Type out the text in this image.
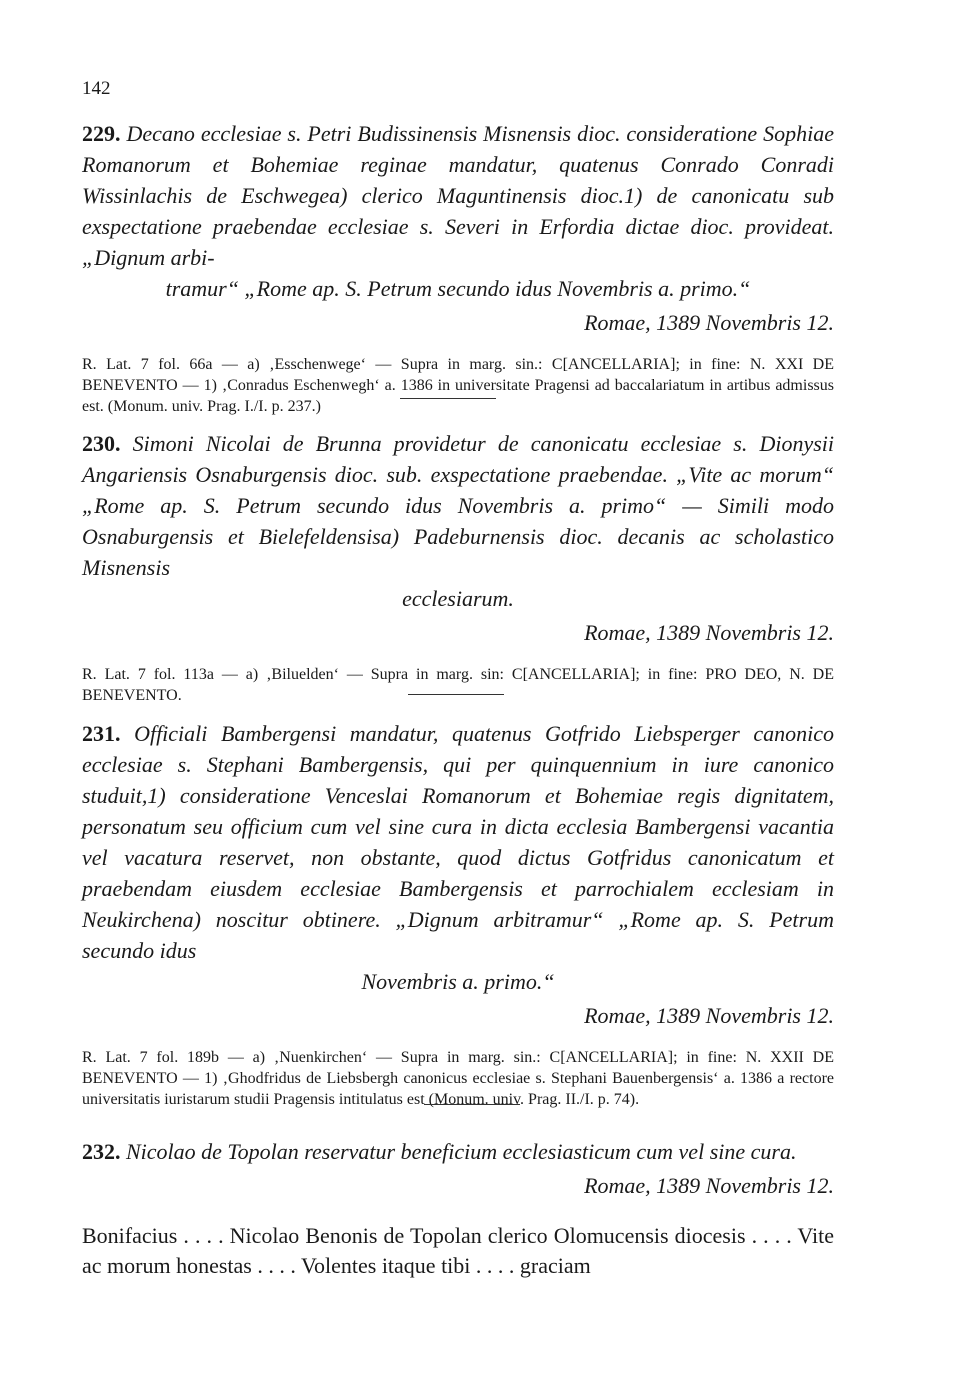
142
229. Decano ecclesiae s. Petri Budissinensis Misnensis dioc. consideratione Sophiae Romanorum et Bohemiae reginae mandatur, quatenus Conrado Conradi Wissinlachis de Eschwegea) clerico Maguntinensis dioc.1) de canonicatu sub exspectatione praebendae ecclesiae s. Severi in Erfordia dictae dioc. provideat. „Dignum arbi-
tramur“ „Rome ap. S. Petrum secundo idus Novembris a. primo.“
Romae, 1389 Novembris 12.
R. Lat. 7 fol. 66a — a) ‚Esschenwege‘ — Supra in marg. sin.: C[ANCELLARIA]; in fine: N. XXI DE BENEVENTO — 1) ‚Conradus Eschenwegh‘ a. 1386 in universitate Pragensi ad baccalariatum in artibus admissus est. (Monum. univ. Prag. I./I. p. 237.)
230. Simoni Nicolai de Brunna providetur de canonicatu ecclesiae s. Dionysii Angariensis Osnaburgensis dioc. sub. exspectatione praebendae. „Vite ac morum“ „Rome ap. S. Petrum secundo idus Novembris a. primo“ — Simili modo Osnaburgensis et Bielefeldensisa) Padeburnensis dioc. decanis ac scholastico Misnensis
ecclesiarum.
Romae, 1389 Novembris 12.
R. Lat. 7 fol. 113a — a) ‚Biluelden‘ — Supra in marg. sin: C[ANCELLARIA]; in fine: PRO DEO, N. DE BENEVENTO.
231. Officiali Bambergensi mandatur, quatenus Gotfrido Liebsperger canonico ecclesiae s. Stephani Bambergensis, qui per quinquennium in iure canonico studuit,1) consideratione Venceslai Romanorum et Bohemiae regis dignitatem, personatum seu officium cum vel sine cura in dicta ecclesia Bambergensi vacantia vel vacatura reservet, non obstante, quod dictus Gotfridus canonicatum et praebendam eiusdem ecclesiae Bambergensis et parrochialem ecclesiam in Neukirchena) noscitur obtinere. „Dignum arbitramur“ „Rome ap. S. Petrum secundo idus
Novembris a. primo.“
Romae, 1389 Novembris 12.
R. Lat. 7 fol. 189b — a) ‚Nuenkirchen‘ — Supra in marg. sin.: C[ANCELLARIA]; in fine: N. XXII DE BENEVENTO — 1) ‚Ghodfridus de Liebsbergh canonicus ecclesiae s. Stephani Bauenbergensis‘ a. 1386 a rectore universitatis iuristarum studii Pragensis intitulatus est (Monum. univ. Prag. II./I. p. 74).
232. Nicolao de Topolan reservatur beneficium ecclesiasticum cum vel sine cura.
Romae, 1389 Novembris 12.
Bonifacius . . . . Nicolao Benonis de Topolan clerico Olomucensis diocesis . . . . Vite ac morum honestas . . . . Volentes itaque tibi . . . . graciam
